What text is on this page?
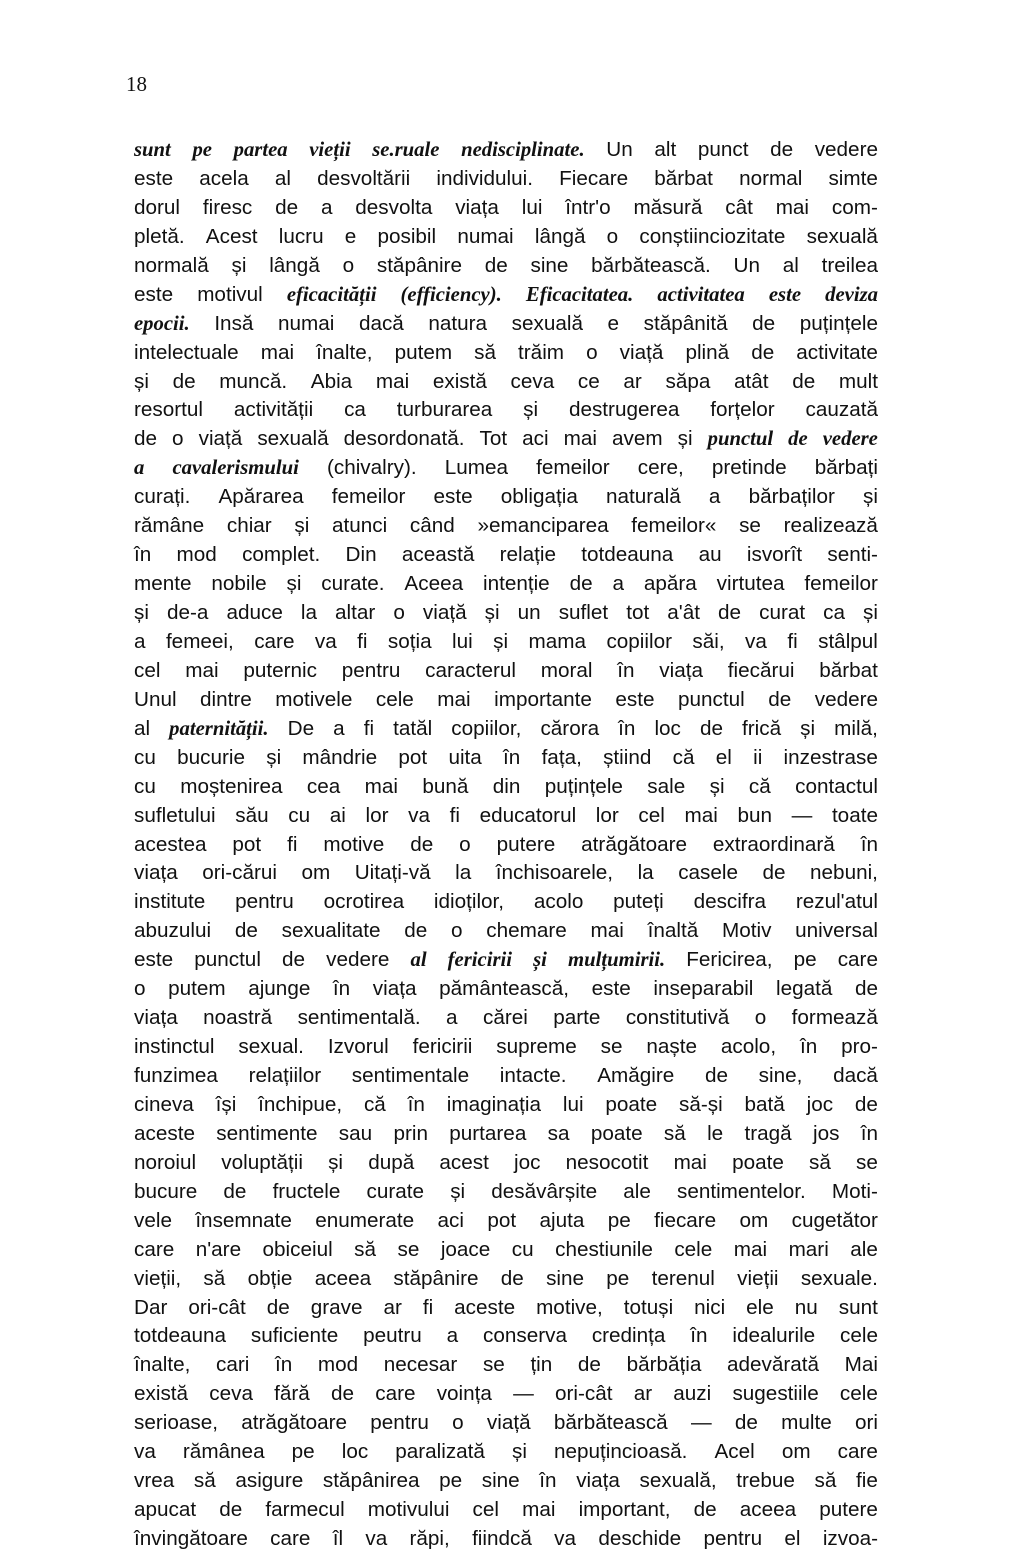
18
sunt pe partea vieții se.ruale nedisciplinate. Un alt punct de vedere
este acela al desvoltării individului. Fiecare bărbat normal simte
dorul firesc de a desvolta viața lui într'o măsură cât mai com-
pletă. Acest lucru e posibil numai lângă o conștiinciozitate sexuală
normală și lângă o stăpânire de sine bărbătească. Un al treilea
este motivul eficacității (efficiency). Eficacitatea. activitatea este deviza
epocii. Insă numai dacă natura sexuală e stăpânită de puțințele
intelectuale mai înalte, putem să trăim o viață plină de activitate
și de muncă. Abia mai există ceva ce ar săpa atât de mult
resortul activității ca turburarea și destrugerea forțelor cauzată
de o viață sexuală desordonată. Tot aci mai avem și punctul de vedere
a cavalerismului (chivalry). Lumea femeilor cere, pretinde bărbați
curați. Apărarea femeilor este obligația naturală a bărbaților și
rămâne chiar și atunci când »emanciparea femeilor« se realizează
în mod complet. Din această relație totdeauna au isvorît senti-
mente nobile și curate. Aceea intenție de a apăra virtutea femeilor
și de-a aduce la altar o viață și un suflet tot a'ât de curat ca și
a femeei, care va fi soția lui și mama copiilor săi, va fi stâlpul
cel mai puternic pentru caracterul moral în viața fiecărui bărbat
Unul dintre motivele cele mai importante este punctul de vedere
al paternității. De a fi tatăl copiilor, cărora în loc de frică și milă,
cu bucurie și mândrie pot uita în fața, știind că el ii inzestrase
cu moștenirea cea mai bună din puțințele sale și că contactul
sufletului său cu ai lor va fi educatorul lor cel mai bun — toate
acestea pot fi motive de o putere atrăgătoare extraordinară în
viața ori-cărui om Uitați-vă la închisoarele, la casele de nebuni,
institute pentru ocrotirea idioților, acolo puteți descifra rezul'atul
abuzului de sexualitate de o chemare mai înaltă Motiv universal
este punctul de vedere al fericirii și mulțumirii. Fericirea, pe care
o putem ajunge în viața pământească, este inseparabil legată de
viața noastră sentimentală. a cărei parte constitutivă o formează
instinctul sexual. Izvorul fericirii supreme se naște acolo, în pro-
funzimea relațiilor sentimentale intacte. Amăgire de sine, dacă
cineva își închipue, că în imaginația lui poate să-și bată joc de
aceste sentimente sau prin purtarea sa poate să le tragă jos în
noroiul voluptății și după acest joc nesocotit mai poate să se
bucure de fructele curate și desăvârșite ale sentimentelor. Moti-
vele însemnate enumerate aci pot ajuta pe fiecare om cugetător
care n'are obiceiul să se joace cu chestiunile cele mai mari ale
vieții, să obție aceea stăpânire de sine pe terenul vieții sexuale.
Dar ori-cât de grave ar fi aceste motive, totuși nici ele nu sunt
totdeauna suficiente peutru a conserva credința în idealurile cele
înalte, cari în mod necesar se țin de bărbăția adevărată Mai
există ceva fără de care voința — ori-cât ar auzi sugestiile cele
serioase, atrăgătoare pentru o viață bărbătească — de multe ori
va rămânea pe loc paralizată și nepuțincioasă. Acel om care
vrea să asigure stăpânirea pe sine în viața sexuală, trebue să fie
apucat de farmecul motivului cel mai important, de aceea putere
învingătoare care îl va răpi, fiindcă va deschide pentru el izvoa-
